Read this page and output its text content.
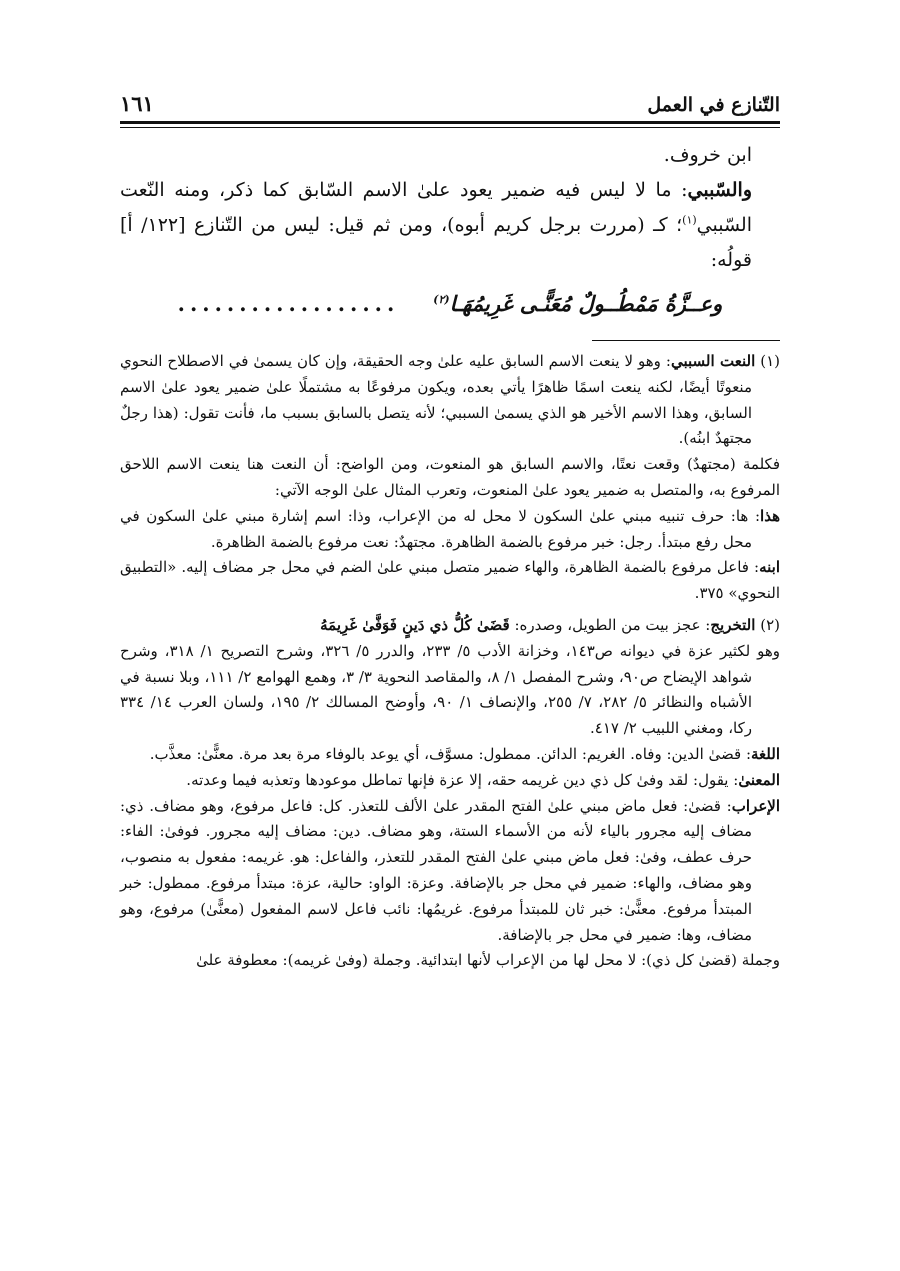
التّنازع في العمل
١٦١

ابن خروف.

والسّببي: ما لا ليس فيه ضمير يعود علىٰ الاسم السّابق كما ذكر، ومنه النّعت السّببي$^{(١)}$؛ كـ (مررت برجل كريم أبوه)، ومن ثم قيل: ليس من التّنازع [١٢٢/ أ] قولُه:

وعــزَّةُ مَمْطُــولٌ مُعَنًّـى غَرِيمُهَـا$^{(٢)}$
..................

(١) النعت السببي: وهو لا ينعت الاسم السابق عليه علىٰ وجه الحقيقة، وإن كان يسمىٰ في الاصطلاح النحوي منعوتًا أيضًا، لكنه ينعت اسمًا ظاهرًا يأتي بعده، ويكون مرفوعًا به مشتملًا علىٰ ضمير يعود علىٰ الاسم السابق، وهذا الاسم الأخير هو الذي يسمىٰ السببي؛ لأنه يتصل بالسابق بسبب ما، فأنت تقول: (هذا رجلٌ مجتهدٌ ابنُه).

فكلمة (مجتهدٌ) وقعت نعتًا، والاسم السابق هو المنعوت، ومن الواضح: أن النعت هنا ينعت الاسم اللاحق المرفوع به، والمتصل به ضمير يعود علىٰ المنعوت، وتعرب المثال علىٰ الوجه الآتي:

هذا: ها: حرف تنبيه مبني علىٰ السكون لا محل له من الإعراب، وذا: اسم إشارة مبني علىٰ السكون في محل رفع مبتدأ. رجل: خبر مرفوع بالضمة الظاهرة. مجتهدٌ: نعت مرفوع بالضمة الظاهرة.

ابنه: فاعل مرفوع بالضمة الظاهرة، والهاء ضمير متصل مبني علىٰ الضم في محل جر مضاف إليه. «التطبيق النحوي» ٣٧٥.

(٢) التخريج: عجز بيت من الطويل، وصدره: قَضَىٰ كُلُّ ذي دَينٍ فَوَفَّىٰ غَرِيمَهُ

وهو لكثير عزة في ديوانه ص١٤٣، وخزانة الأدب ٥/ ٢٣٣، والدرر ٥/ ٣٢٦، وشرح التصريح ١/ ٣١٨، وشرح شواهد الإيضاح ص٩٠، وشرح المفصل ١/ ٨، والمقاصد النحوية ٣/ ٣، وهمع الهوامع ٢/ ١١١، وبلا نسبة في الأشباه والنظائر ٥/ ٢٨٢، ٧/ ٢٥٥، والإنصاف ١/ ٩٠، وأوضح المسالك ٢/ ١٩٥، ولسان العرب ١٤/ ٣٣٤ ركا، ومغني اللبيب ٢/ ٤١٧.

اللغة: قضىٰ الدين: وفاه. الغريم: الدائن. ممطول: مسوَّف، أي يوعد بالوفاء مرة بعد مرة. معنًّىٰ: معذَّب.

المعنىٰ: يقول: لقد وفىٰ كل ذي دين غريمه حقه، إلا عزة فإنها تماطل موعودها وتعذبه فيما وعدته.

الإعراب: قضىٰ: فعل ماض مبني علىٰ الفتح المقدر علىٰ الألف للتعذر. كل: فاعل مرفوع، وهو مضاف. ذي: مضاف إليه مجرور بالياء لأنه من الأسماء الستة، وهو مضاف. دين: مضاف إليه مجرور. فوفىٰ: الفاء: حرف عطف، وفىٰ: فعل ماض مبني علىٰ الفتح المقدر للتعذر، والفاعل: هو. غريمه: مفعول به منصوب، وهو مضاف، والهاء: ضمير في محل جر بالإضافة. وعزة: الواو: حالية، عزة: مبتدأ مرفوع. ممطول: خبر المبتدأ مرفوع. معنًّىٰ: خبر ثان للمبتدأ مرفوع. غريمُها: نائب فاعل لاسم المفعول (معنًّىٰ) مرفوع، وهو مضاف، وها: ضمير في محل جر بالإضافة.

وجملة (قضىٰ كل ذي): لا محل لها من الإعراب لأنها ابتدائية. وجملة (وفىٰ غريمه): معطوفة علىٰ
